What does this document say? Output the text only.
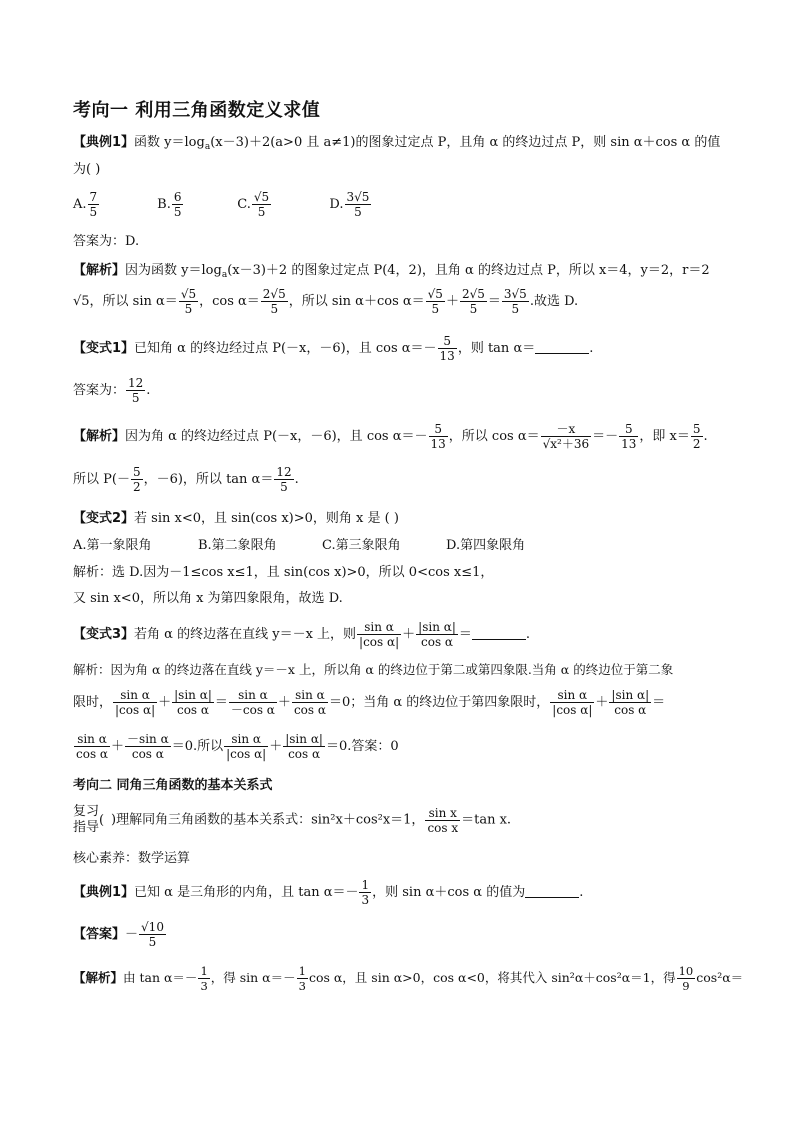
考向一 利用三角函数定义求值
【典例1】函数 $y=\log_a(x-3)+2(a>0$ 且 a≠1)的图象过定点 P，且角 α 的终边过点 P，则 sin α＋cos α 的值
为( )
A. $\frac{7}{5}$	B. $\frac{6}{5}$	C. $\frac{√5}{5}$	D. $\frac{3√5}{5}$
答案为：D.
【解析】因为函数 $y=\log_a(x-3)+2$ 的图象过定点 P(4，2)，且角 α 的终边过点 P，所以 x＝4，y＝2，r＝2
√5，所以 $\sin \alpha= \frac{√5}{5}$ ，$\cos \alpha= \frac{2√5}{5}$ ，所以 sin α＋cos $\alpha= \frac{√5}{5} + \frac{2√5}{5} = \frac{3√5}{5}$ .故选 D.
【变式1】已知角 α 的终边经过点 P(－x，－6)，且 $\cos \alpha=- \frac{5}{13}$ ，则 tan α＝	.
答案为： $\frac{12}{5}$ .
【解析】因为角 α 的终边经过点 P(－x，－6)，且 $\cos \alpha=- \frac{5}{13}$ ，所以 $\cos \alpha= \frac{-x}{\text{√x²＋36}} =- \frac{5}{13}$ ，即 $x= \frac{5}{2}$ .
所以 $P(- \frac{5}{2}$ ，－6)，所以 $\tan \alpha= \frac{12}{5}$ .
【变式2】若 sin x<0，且 sin(cos x)>0，则角 x 是 ( )
A.第一象限角	B.第二象限角	C.第三象限角	D.第四象限角
解析：选 D.因为－1≤cos x≤1，且 sin(cos x)>0，所以 0<cos x≤1，
又 sin x<0，所以角 x 为第四象限角，故选 D.
【变式3】若角 α 的终边落在直线 y＝－x 上，则 $\frac{\text{sin α}}{\text{|cos α|}} + \frac{\text{|sin α|}}{\text{cos α}}$ ＝	.
解析：因为角 α 的终边落在直线 y＝－x 上，所以角 α 的终边位于第二或第四象限.当角 α 的终边位于第二象
限时， $\frac{\text{sin α}}{\text{|cos α|}} + \frac{\text{|sin α|}}{\text{cos α}} = \frac{\text{sin α}}{\text{－cos α}} + \frac{\text{sin α}}{\text{cos α}} =0$；当角 α 的终边位于第四象限时， $\frac{\text{sin α}}{\text{|cos α|}} + \frac{\text{|sin α|}}{\text{cos α}}$ ＝
$\frac{\text{sin α}}{\text{cos α}} + \frac{\text{－sin α}}{\text{cos α}} =0$.所以 $\frac{\text{sin α}}{\text{|cos α|}} + \frac{\text{|sin α|}}{\text{cos α}} =0$.答案：0
考向二 同角三角函数的基本关系式
复习
指导 ( )理解同角三角函数的基本关系式：sin²x＋cos²x＝1， $\frac{\text{sin x}}{\text{cos x}} =\tan$ x.
核心素养：数学运算
【典例1】已知 α 是三角形的内角，且 $\tan \alpha=- \frac{1}{3}$ ，则 sin α＋cos α 的值为	.
【答案】－ $\frac{√10}{5}$
【解析】由 $\tan \alpha=- \frac{1}{3}$ ，得 $\sin \alpha=- \frac{1}{3}$ cos α，且 sin α>0，cos α<0，将其代入 sin²α＋cos²α＝1，得 $\frac{10}{9} \cos^2\alpha=$
